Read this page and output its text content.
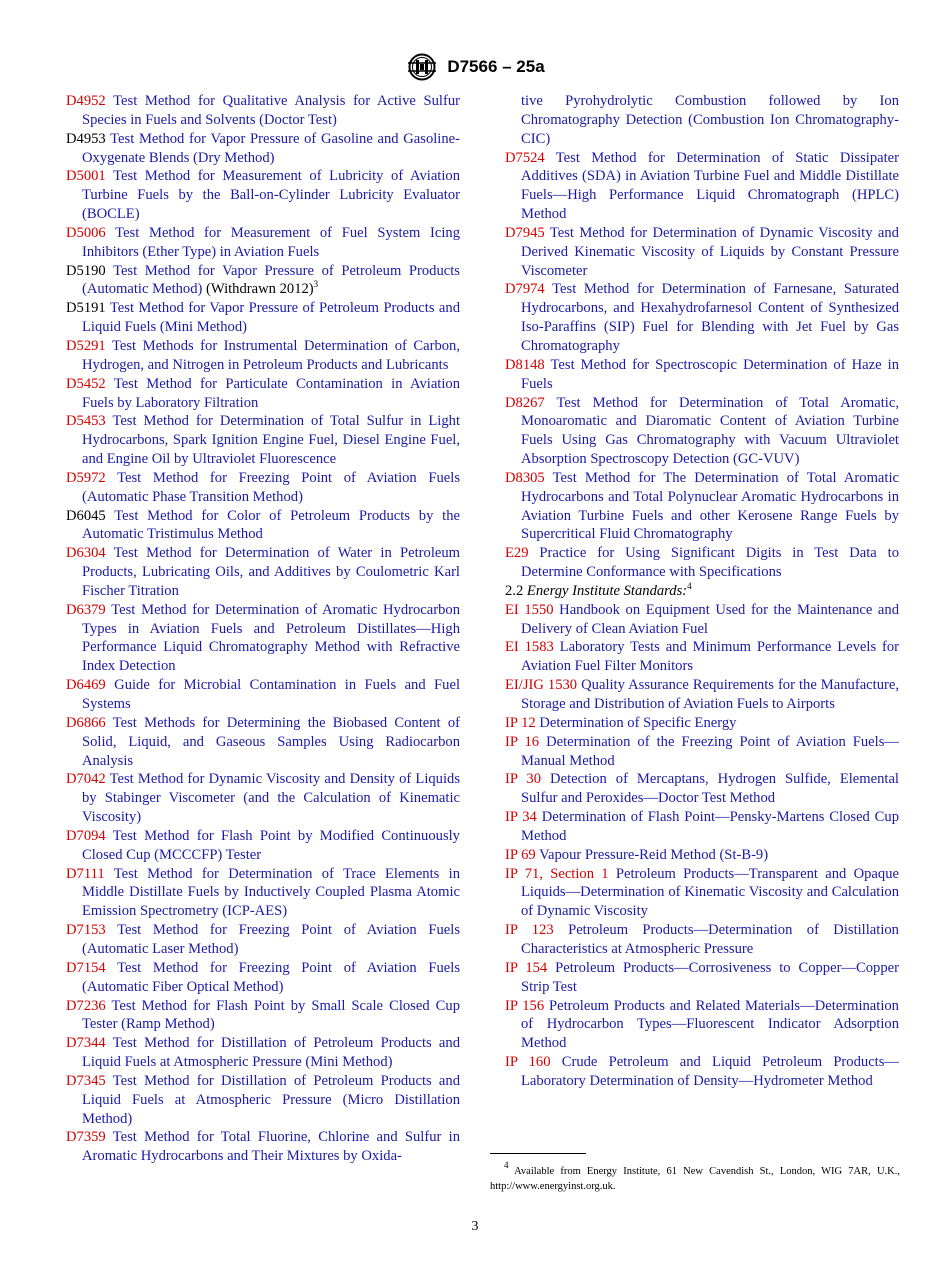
D7566 – 25a
D4952 Test Method for Qualitative Analysis for Active Sulfur Species in Fuels and Solvents (Doctor Test)
D4953 Test Method for Vapor Pressure of Gasoline and Gasoline-Oxygenate Blends (Dry Method)
D5001 Test Method for Measurement of Lubricity of Aviation Turbine Fuels by the Ball-on-Cylinder Lubricity Evaluator (BOCLE)
D5006 Test Method for Measurement of Fuel System Icing Inhibitors (Ether Type) in Aviation Fuels
D5190 Test Method for Vapor Pressure of Petroleum Products (Automatic Method) (Withdrawn 2012)$^3$
D5191 Test Method for Vapor Pressure of Petroleum Products and Liquid Fuels (Mini Method)
D5291 Test Methods for Instrumental Determination of Carbon, Hydrogen, and Nitrogen in Petroleum Products and Lubricants
D5452 Test Method for Particulate Contamination in Aviation Fuels by Laboratory Filtration
D5453 Test Method for Determination of Total Sulfur in Light Hydrocarbons, Spark Ignition Engine Fuel, Diesel Engine Fuel, and Engine Oil by Ultraviolet Fluorescence
D5972 Test Method for Freezing Point of Aviation Fuels (Automatic Phase Transition Method)
D6045 Test Method for Color of Petroleum Products by the Automatic Tristimulus Method
D6304 Test Method for Determination of Water in Petroleum Products, Lubricating Oils, and Additives by Coulometric Karl Fischer Titration
D6379 Test Method for Determination of Aromatic Hydrocarbon Types in Aviation Fuels and Petroleum Distillates—High Performance Liquid Chromatography Method with Refractive Index Detection
D6469 Guide for Microbial Contamination in Fuels and Fuel Systems
D6866 Test Methods for Determining the Biobased Content of Solid, Liquid, and Gaseous Samples Using Radiocarbon Analysis
D7042 Test Method for Dynamic Viscosity and Density of Liquids by Stabinger Viscometer (and the Calculation of Kinematic Viscosity)
D7094 Test Method for Flash Point by Modified Continuously Closed Cup (MCCCFP) Tester
D7111 Test Method for Determination of Trace Elements in Middle Distillate Fuels by Inductively Coupled Plasma Atomic Emission Spectrometry (ICP-AES)
D7153 Test Method for Freezing Point of Aviation Fuels (Automatic Laser Method)
D7154 Test Method for Freezing Point of Aviation Fuels (Automatic Fiber Optical Method)
D7236 Test Method for Flash Point by Small Scale Closed Cup Tester (Ramp Method)
D7344 Test Method for Distillation of Petroleum Products and Liquid Fuels at Atmospheric Pressure (Mini Method)
D7345 Test Method for Distillation of Petroleum Products and Liquid Fuels at Atmospheric Pressure (Micro Distillation Method)
D7359 Test Method for Total Fluorine, Chlorine and Sulfur in Aromatic Hydrocarbons and Their Mixtures by Oxida-
tive Pyrohydrolytic Combustion followed by Ion Chromatography Detection (Combustion Ion Chromatography-CIC)
D7524 Test Method for Determination of Static Dissipater Additives (SDA) in Aviation Turbine Fuel and Middle Distillate Fuels—High Performance Liquid Chromatograph (HPLC) Method
D7945 Test Method for Determination of Dynamic Viscosity and Derived Kinematic Viscosity of Liquids by Constant Pressure Viscometer
D7974 Test Method for Determination of Farnesane, Saturated Hydrocarbons, and Hexahydrofarnesol Content of Synthesized Iso-Paraffins (SIP) Fuel for Blending with Jet Fuel by Gas Chromatography
D8148 Test Method for Spectroscopic Determination of Haze in Fuels
D8267 Test Method for Determination of Total Aromatic, Monoaromatic and Diaromatic Content of Aviation Turbine Fuels Using Gas Chromatography with Vacuum Ultraviolet Absorption Spectroscopy Detection (GC-VUV)
D8305 Test Method for The Determination of Total Aromatic Hydrocarbons and Total Polynuclear Aromatic Hydrocarbons in Aviation Turbine Fuels and other Kerosene Range Fuels by Supercritical Fluid Chromatography
E29 Practice for Using Significant Digits in Test Data to Determine Conformance with Specifications
2.2 Energy Institute Standards:$^4$
EI 1550 Handbook on Equipment Used for the Maintenance and Delivery of Clean Aviation Fuel
EI 1583 Laboratory Tests and Minimum Performance Levels for Aviation Fuel Filter Monitors
EI/JIG 1530 Quality Assurance Requirements for the Manufacture, Storage and Distribution of Aviation Fuels to Airports
IP 12 Determination of Specific Energy
IP 16 Determination of the Freezing Point of Aviation Fuels—Manual Method
IP 30 Detection of Mercaptans, Hydrogen Sulfide, Elemental Sulfur and Peroxides—Doctor Test Method
IP 34 Determination of Flash Point—Pensky-Martens Closed Cup Method
IP 69 Vapour Pressure-Reid Method (St-B-9)
IP 71, Section 1 Petroleum Products—Transparent and Opaque Liquids—Determination of Kinematic Viscosity and Calculation of Dynamic Viscosity
IP 123 Petroleum Products—Determination of Distillation Characteristics at Atmospheric Pressure
IP 154 Petroleum Products—Corrosiveness to Copper—Copper Strip Test
IP 156 Petroleum Products and Related Materials—Determination of Hydrocarbon Types—Fluorescent Indicator Adsorption Method
IP 160 Crude Petroleum and Liquid Petroleum Products—Laboratory Determination of Density—Hydrometer Method
$^4$ Available from Energy Institute, 61 New Cavendish St., London, WIG 7AR, U.K., http://www.energyinst.org.uk.
3
